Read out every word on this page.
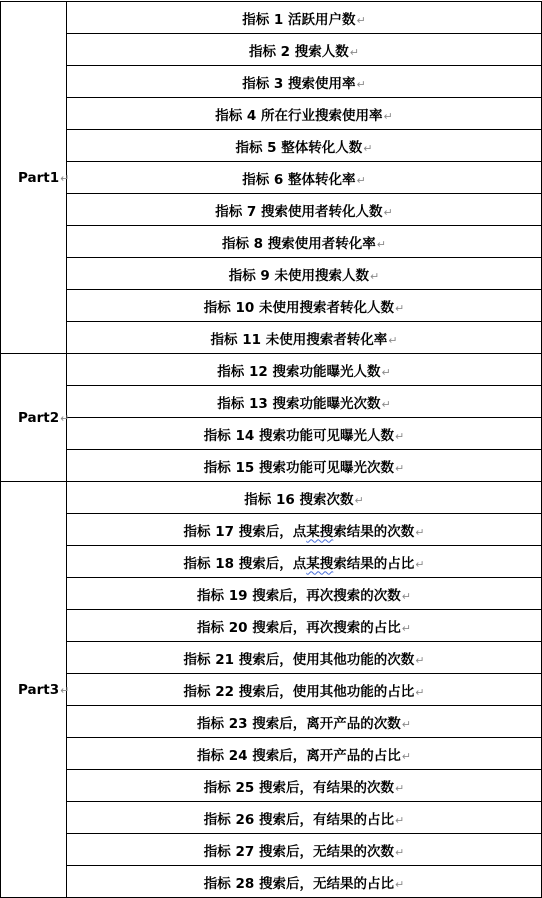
Part1↵	指标 1 活跃用户数↵
	指标 2 搜索人数↵
	指标 3 搜索使用率↵
	指标 4 所在行业搜索使用率↵
	指标 5 整体转化人数↵
	指标 6 整体转化率↵
	指标 7 搜索使用者转化人数↵
	指标 8 搜索使用者转化率↵
	指标 9 未使用搜索人数↵
	指标 10 未使用搜索者转化人数↵
	指标 11 未使用搜索者转化率↵
Part2↵	指标 12 搜索功能曝光人数↵
	指标 13 搜索功能曝光次数↵
	指标 14 搜索功能可见曝光人数↵
	指标 15 搜索功能可见曝光次数↵
Part3↵	指标 16 搜索次数↵
	指标 17 搜索后，点某搜索结果的次数↵
	指标 18 搜索后，点某搜索结果的占比↵
	指标 19 搜索后，再次搜索的次数↵
	指标 20 搜索后，再次搜索的占比↵
	指标 21 搜索后，使用其他功能的次数↵
	指标 22 搜索后，使用其他功能的占比↵
	指标 23 搜索后，离开产品的次数↵
	指标 24 搜索后，离开产品的占比↵
	指标 25 搜索后，有结果的次数↵
	指标 26 搜索后，有结果的占比↵
	指标 27 搜索后，无结果的次数↵
	指标 28 搜索后，无结果的占比↵
